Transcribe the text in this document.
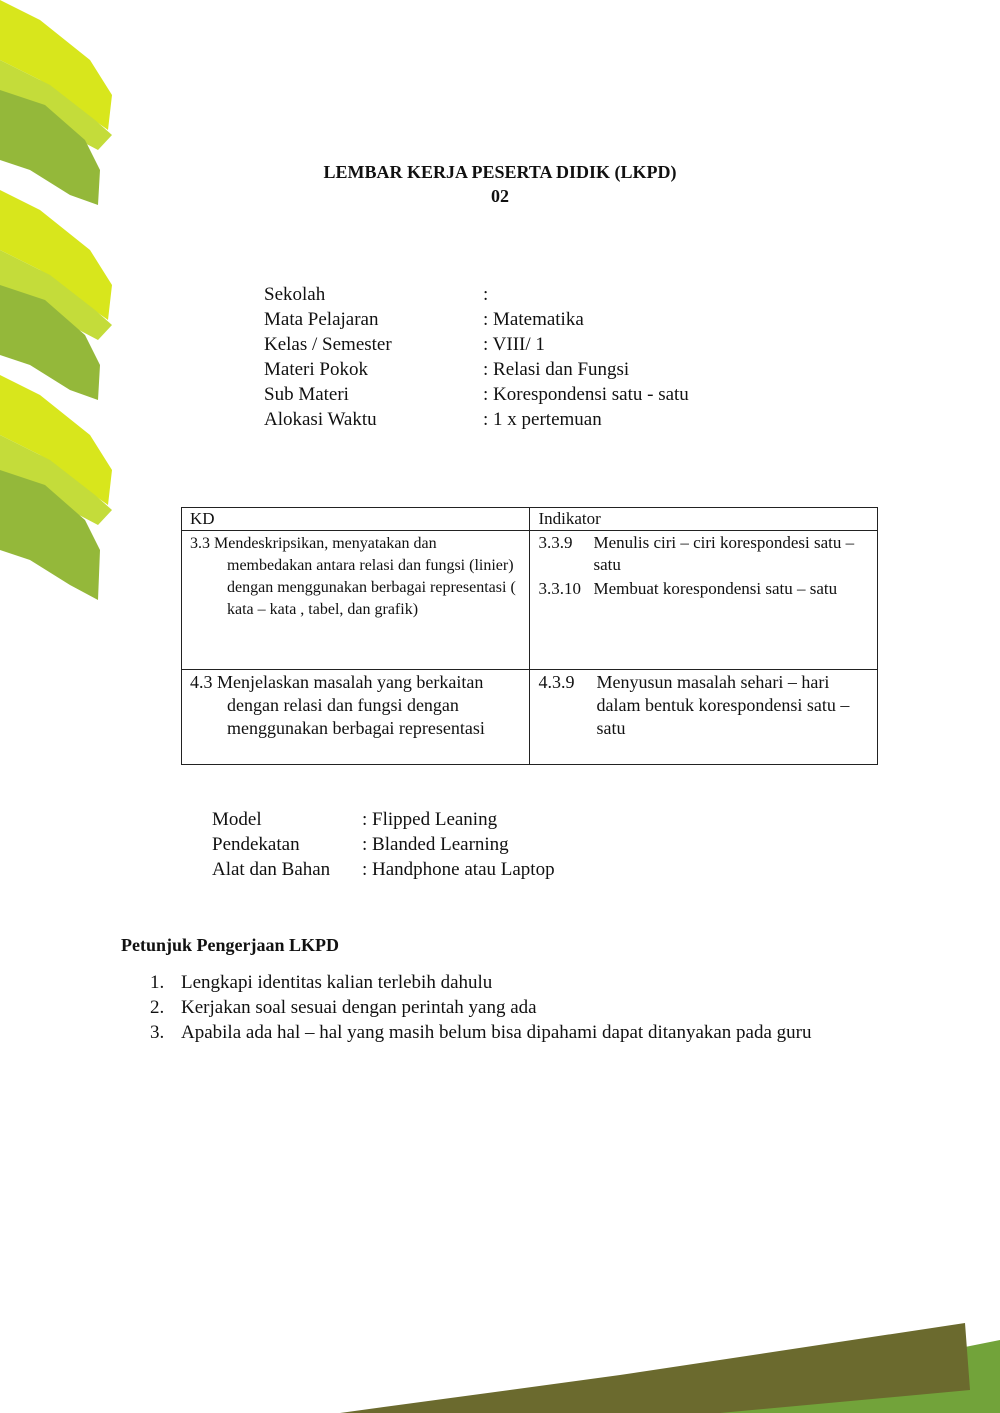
LEMBAR KERJA PESERTA DIDIK (LKPD)
02
Sekolah	:
Mata Pelajaran	: Matematika
Kelas / Semester	: VIII/ 1
Materi Pokok	: Relasi dan Fungsi
Sub Materi	: Korespondensi satu - satu
Alokasi Waktu	: 1 x pertemuan
KD	Indikator

3.3 Mendeskripsikan, menyatakan dan membedakan antara relasi dan fungsi (linier) dengan menggunakan berbagai representasi ( kata – kata , tabel, dan grafik)	3.3.9 Menulis ciri – ciri korespondesi satu – satu
3.3.10 Membuat korespondensi satu – satu

4.3 Menjelaskan masalah yang berkaitan dengan relasi dan fungsi dengan menggunakan berbagai representasi	4.3.9 Menyusun masalah sehari – hari dalam bentuk korespondensi satu – satu
Model	: Flipped Leaning
Pendekatan	: Blanded Learning
Alat dan Bahan	: Handphone atau Laptop
Petunjuk Pengerjaan LKPD
1. Lengkapi identitas kalian terlebih dahulu
2. Kerjakan soal sesuai dengan perintah yang ada
3. Apabila ada hal – hal yang masih belum bisa dipahami dapat ditanyakan pada guru
